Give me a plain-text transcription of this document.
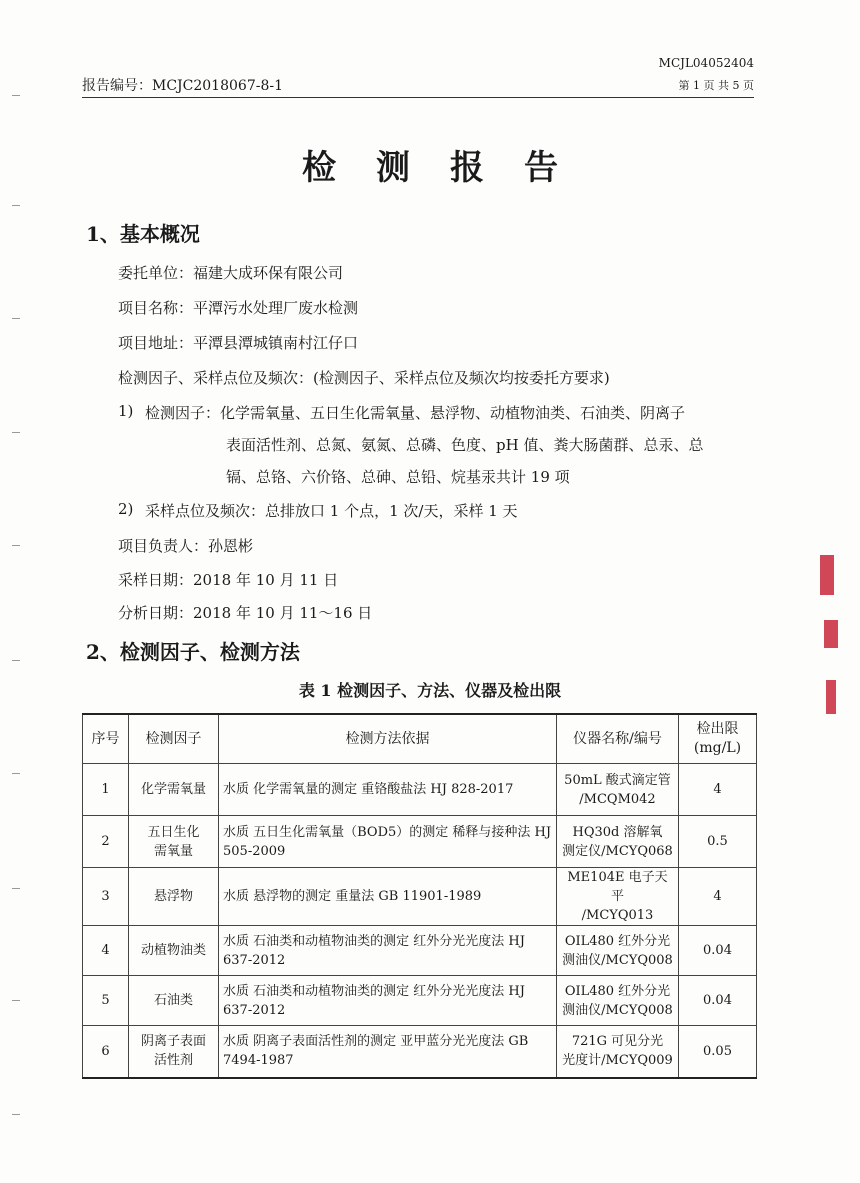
MCJL04052404
报告编号：MCJC2018067-8-1	第 1 页 共 5 页
检测报告
1、基本概况
委托单位：福建大成环保有限公司
项目名称：平潭污水处理厂废水检测
项目地址：平潭县潭城镇南村江仔口
检测因子、采样点位及频次：(检测因子、采样点位及频次均按委托方要求)
1) 检测因子：化学需氧量、五日生化需氧量、悬浮物、动植物油类、石油类、阴离子
表面活性剂、总氮、氨氮、总磷、色度、pH 值、粪大肠菌群、总汞、总
镉、总铬、六价铬、总砷、总铅、烷基汞共计 19 项
2) 采样点位及频次：总排放口 1 个点，1 次/天，采样 1 天
项目负责人：孙恩彬
采样日期：2018 年 10 月 11 日
分析日期：2018 年 10 月 11～16 日
2、检测因子、检测方法
表 1 检测因子、方法、仪器及检出限
序号	检测因子	检测方法依据	仪器名称/编号	检出限
(mg/L)
1	化学需氧量	水质 化学需氧量的测定 重铬酸盐法 HJ 828-2017	50mL 酸式滴定管
/MCQM042	4
2	五日生化
需氧量	水质 五日生化需氧量（BOD5）的测定 稀释与接种法 HJ 505-2009	HQ30d 溶解氧
测定仪/MCYQ068	0.5
3	悬浮物	水质 悬浮物的测定 重量法 GB 11901-1989	ME104E 电子天平
/MCYQ013	4
4	动植物油类	水质 石油类和动植物油类的测定 红外分光光度法 HJ 637-2012	OIL480 红外分光
测油仪/MCYQ008	0.04
5	石油类	水质 石油类和动植物油类的测定 红外分光光度法 HJ 637-2012	OIL480 红外分光
测油仪/MCYQ008	0.04
6	阴离子表面
活性剂	水质 阴离子表面活性剂的测定 亚甲蓝分光光度法 GB 7494-1987	721G 可见分光
光度计/MCYQ009	0.05
